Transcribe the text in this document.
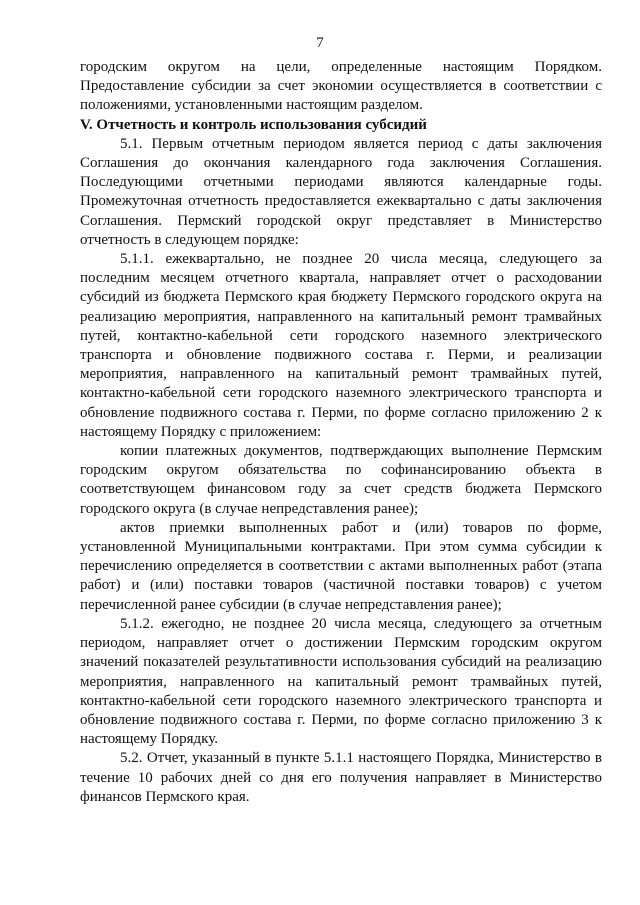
7

городским округом на цели, определенные настоящим Порядком. Предоставление субсидии за счет экономии осуществляется в соответствии с положениями, установленными настоящим разделом.

V. Отчетность и контроль использования субсидий

5.1. Первым отчетным периодом является период с даты заключения Соглашения до окончания календарного года заключения Соглашения. Последующими отчетными периодами являются календарные годы. Промежуточная отчетность предоставляется ежеквартально с даты заключения Соглашения. Пермский городской округ представляет в Министерство отчетность в следующем порядке:

5.1.1. ежеквартально, не позднее 20 числа месяца, следующего за последним месяцем отчетного квартала, направляет отчет о расходовании субсидий из бюджета Пермского края бюджету Пермского городского округа на реализацию мероприятия, направленного на капитальный ремонт трамвайных путей, контактно-кабельной сети городского наземного электрического транспорта и обновление подвижного состава г. Перми, и реализации мероприятия, направленного на капитальный ремонт трамвайных путей, контактно-кабельной сети городского наземного электрического транспорта и обновление подвижного состава г. Перми, по форме согласно приложению 2 к настоящему Порядку с приложением:

копии платежных документов, подтверждающих выполнение Пермским городским округом обязательства по софинансированию объекта в соответствующем финансовом году за счет средств бюджета Пермского городского округа (в случае непредставления ранее);

актов приемки выполненных работ и (или) товаров по форме, установленной Муниципальными контрактами. При этом сумма субсидии к перечислению определяется в соответствии с актами выполненных работ (этапа работ) и (или) поставки товаров (частичной поставки товаров) с учетом перечисленной ранее субсидии (в случае непредставления ранее);

5.1.2. ежегодно, не позднее 20 числа месяца, следующего за отчетным периодом, направляет отчет о достижении Пермским городским округом значений показателей результативности использования субсидий на реализацию мероприятия, направленного на капитальный ремонт трамвайных путей, контактно-кабельной сети городского наземного электрического транспорта и обновление подвижного состава г. Перми, по форме согласно приложению 3 к настоящему Порядку.

5.2. Отчет, указанный в пункте 5.1.1 настоящего Порядка, Министерство в течение 10 рабочих дней со дня его получения направляет в Министерство финансов Пермского края.
